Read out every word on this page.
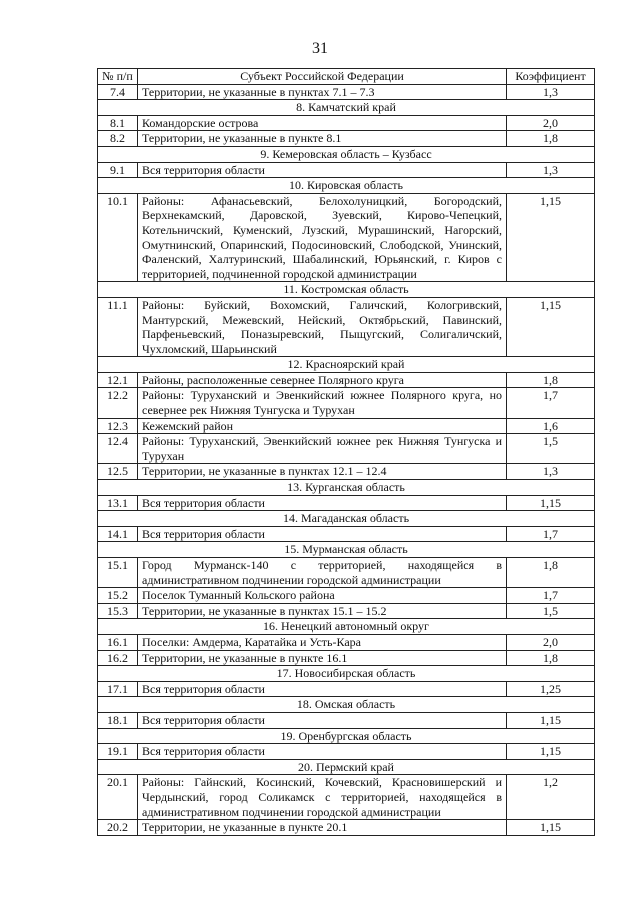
31
№ п/п	Субъект Российской Федерации	Коэффициент
7.4	Территории, не указанные в пунктах 7.1 – 7.3	1,3
8. Камчатский край		
8.1	Командорские острова	2,0
8.2	Территории, не указанные в пункте 8.1	1,8
9. Кемеровская область – Кузбасс		
9.1	Вся территория области	1,3
10. Кировская область		
10.1	Районы: Афанасьевский, Белохолуницкий, Богородский, Верхнекамский, Даровской, Зуевский, Кирово-Чепецкий, Котельничский, Куменский, Лузский, Мурашинский, Нагорский, Омутнинский, Опаринский, Подосиновский, Слободской, Унинский, Фаленский, Халтуринский, Шабалинский, Юрьянский, г. Киров с территорией, подчиненной городской администрации	1,15
11. Костромская область		
11.1	Районы: Буйский, Вохомский, Галичский, Кологривский, Мантурский, Межевский, Нейский, Октябрьский, Павинский, Парфеньевский, Поназыревский, Пыщугский, Солигаличский, Чухломский, Шарьинский	1,15
12. Красноярский край		
12.1	Районы, расположенные севернее Полярного круга	1,8
12.2	Районы: Туруханский и Эвенкийский южнее Полярного круга, но севернее рек Нижняя Тунгуска и Турухан	1,7
12.3	Кежемский район	1,6
12.4	Районы: Туруханский, Эвенкийский южнее рек Нижняя Тунгуска и Турухан	1,5
12.5	Территории, не указанные в пунктах 12.1 – 12.4	1,3
13. Курганская область		
13.1	Вся территория области	1,15
14. Магаданская область		
14.1	Вся территория области	1,7
15. Мурманская область		
15.1	Город Мурманск-140 с территорией, находящейся в административном подчинении городской администрации	1,8
15.2	Поселок Туманный Кольского района	1,7
15.3	Территории, не указанные в пунктах 15.1 – 15.2	1,5
16. Ненецкий автономный округ		
16.1	Поселки: Амдерма, Каратайка и Усть-Кара	2,0
16.2	Территории, не указанные в пункте 16.1	1,8
17. Новосибирская область		
17.1	Вся территория области	1,25
18. Омская область		
18.1	Вся территория области	1,15
19. Оренбургская область		
19.1	Вся территория области	1,15
20. Пермский край		
20.1	Районы: Гайнский, Косинский, Кочевский, Красновишерский и Чердынский, город Соликамск с территорией, находящейся в административном подчинении городской администрации	1,2
20.2	Территории, не указанные в пункте 20.1	1,15
